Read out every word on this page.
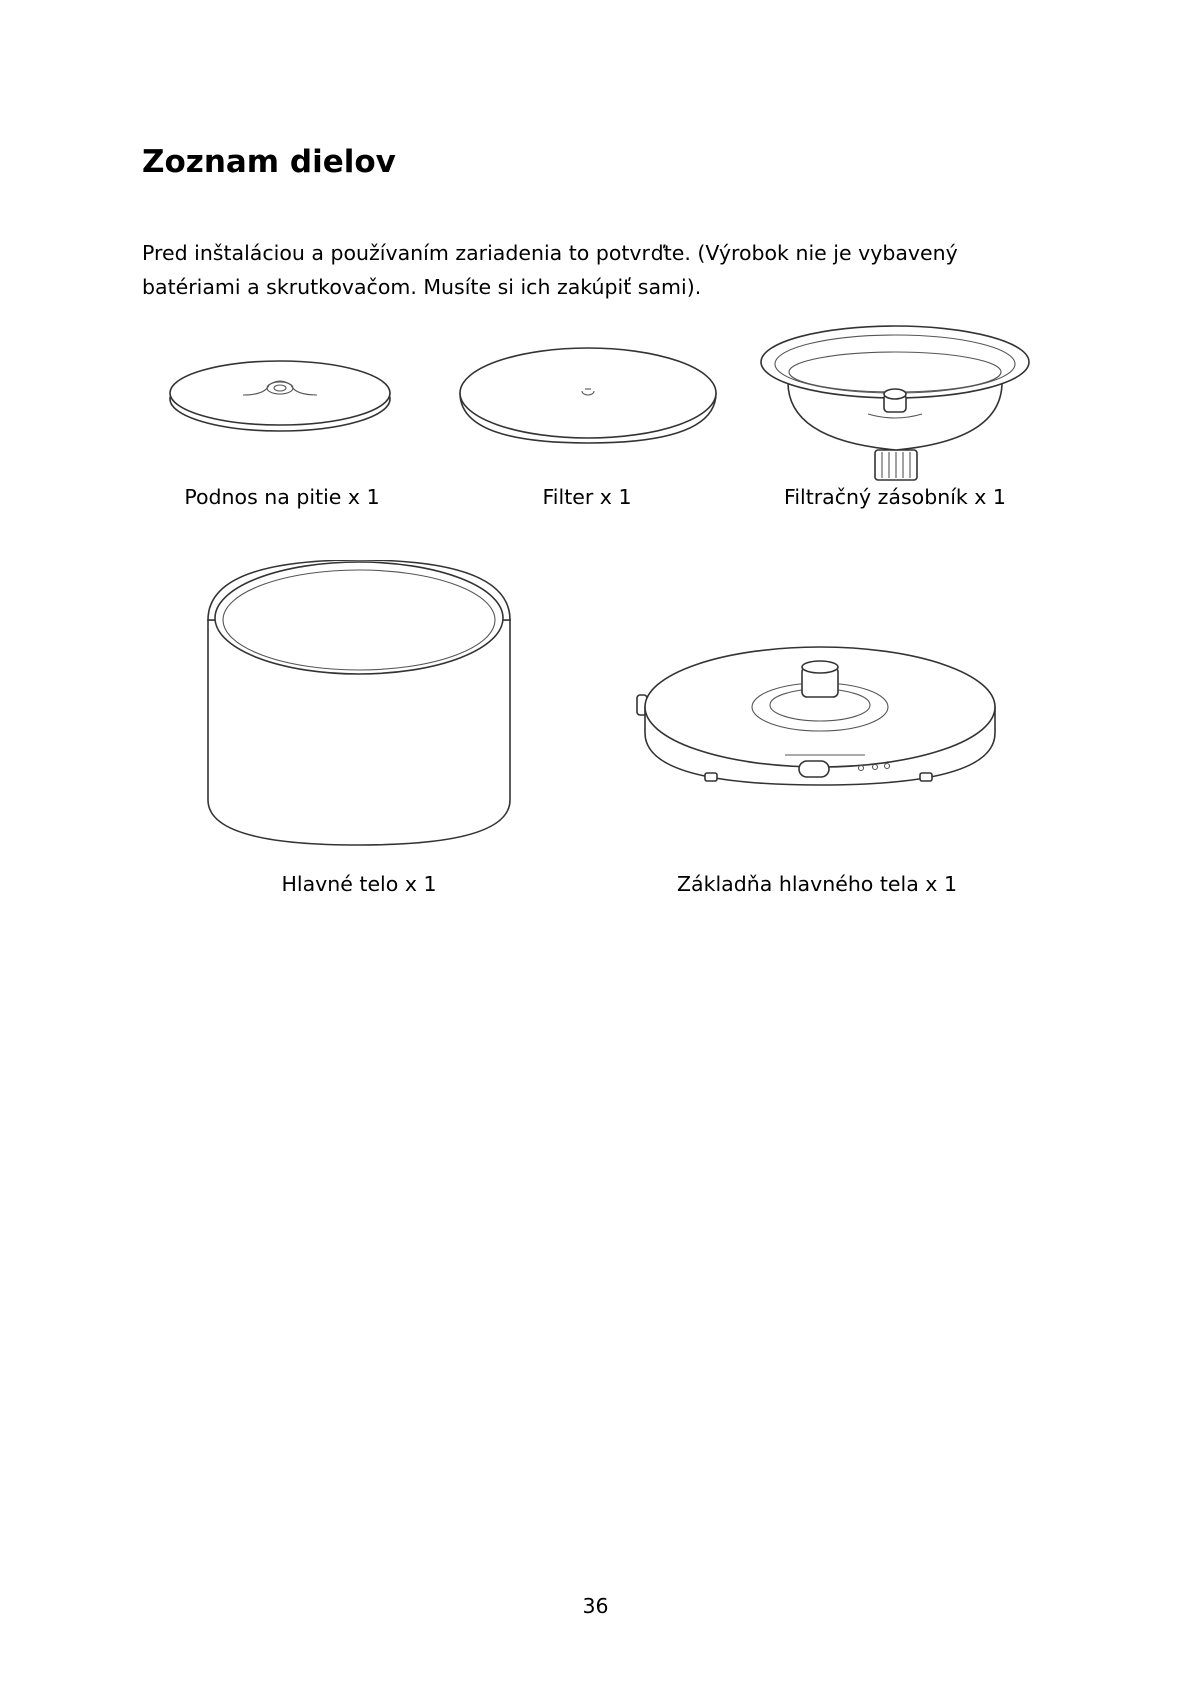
Zoznam dielov

Pred inštaláciou a používaním zariadenia to potvrďte. (Výrobok nie je vybavený batériami a skrutkovačom. Musíte si ich zakúpiť sami).

Podnos na pitie x 1	Filter x 1	Filtračný zásobník x 1
Hlavné telo x 1	Základňa hlavného tela x 1
36
